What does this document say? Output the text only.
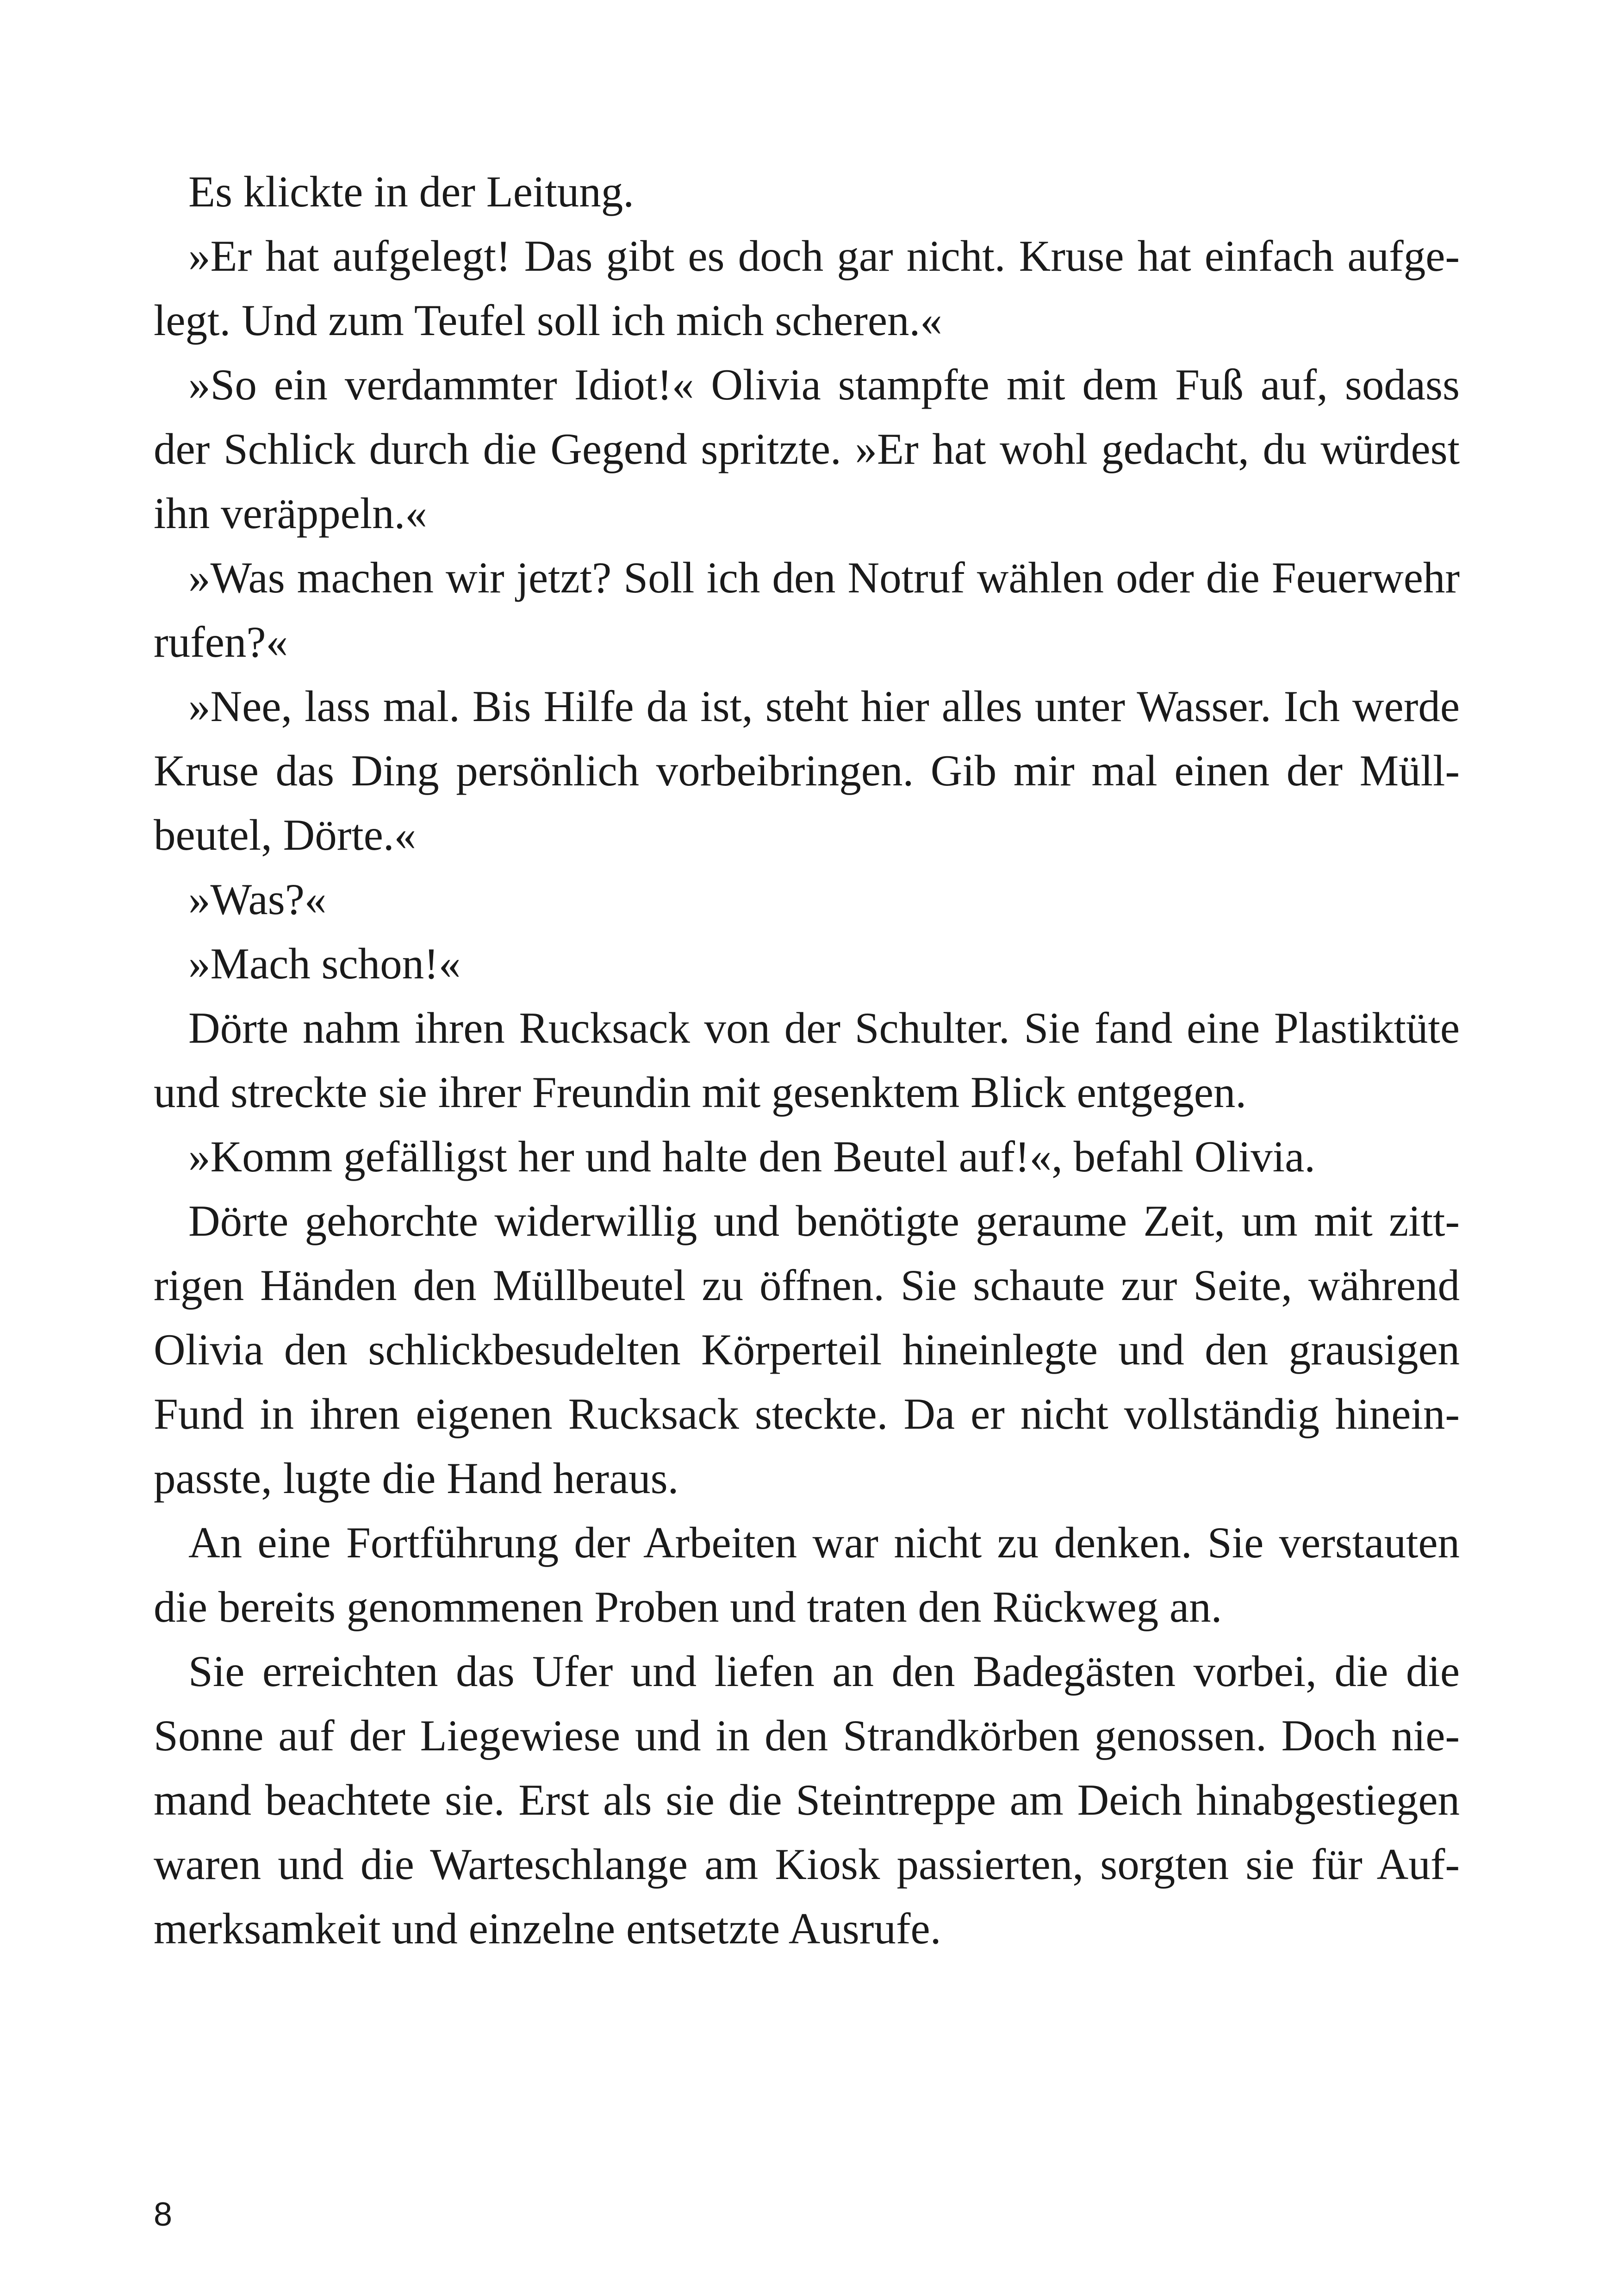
Es klickte in der Leitung.
»Er hat aufgelegt! Das gibt es doch gar nicht. Kruse hat einfach aufge-
legt. Und zum Teufel soll ich mich scheren.«
»So ein verdammter Idiot!« Olivia stampfte mit dem Fuß auf, sodass
der Schlick durch die Gegend spritzte. »Er hat wohl gedacht, du würdest
ihn veräppeln.«
»Was machen wir jetzt? Soll ich den Notruf wählen oder die Feuerwehr
rufen?«
»Nee, lass mal. Bis Hilfe da ist, steht hier alles unter Wasser. Ich werde
Kruse das Ding persönlich vorbeibringen. Gib mir mal einen der Müll-
beutel, Dörte.«
»Was?«
»Mach schon!«
Dörte nahm ihren Rucksack von der Schulter. Sie fand eine Plastiktüte
und streckte sie ihrer Freundin mit gesenktem Blick entgegen.
»Komm gefälligst her und halte den Beutel auf!«, befahl Olivia.
Dörte gehorchte widerwillig und benötigte geraume Zeit, um mit zitt-
rigen Händen den Müllbeutel zu öffnen. Sie schaute zur Seite, während
Olivia den schlickbesudelten Körperteil hineinlegte und den grausigen
Fund in ihren eigenen Rucksack steckte. Da er nicht vollständig hinein-
passte, lugte die Hand heraus.
An eine Fortführung der Arbeiten war nicht zu denken. Sie verstauten
die bereits genommenen Proben und traten den Rückweg an.
Sie erreichten das Ufer und liefen an den Badegästen vorbei, die die
Sonne auf der Liegewiese und in den Strandkörben genossen. Doch nie-
mand beachtete sie. Erst als sie die Steintreppe am Deich hinabgestiegen
waren und die Warteschlange am Kiosk passierten, sorgten sie für Auf-
merksamkeit und einzelne entsetzte Ausrufe.
8
